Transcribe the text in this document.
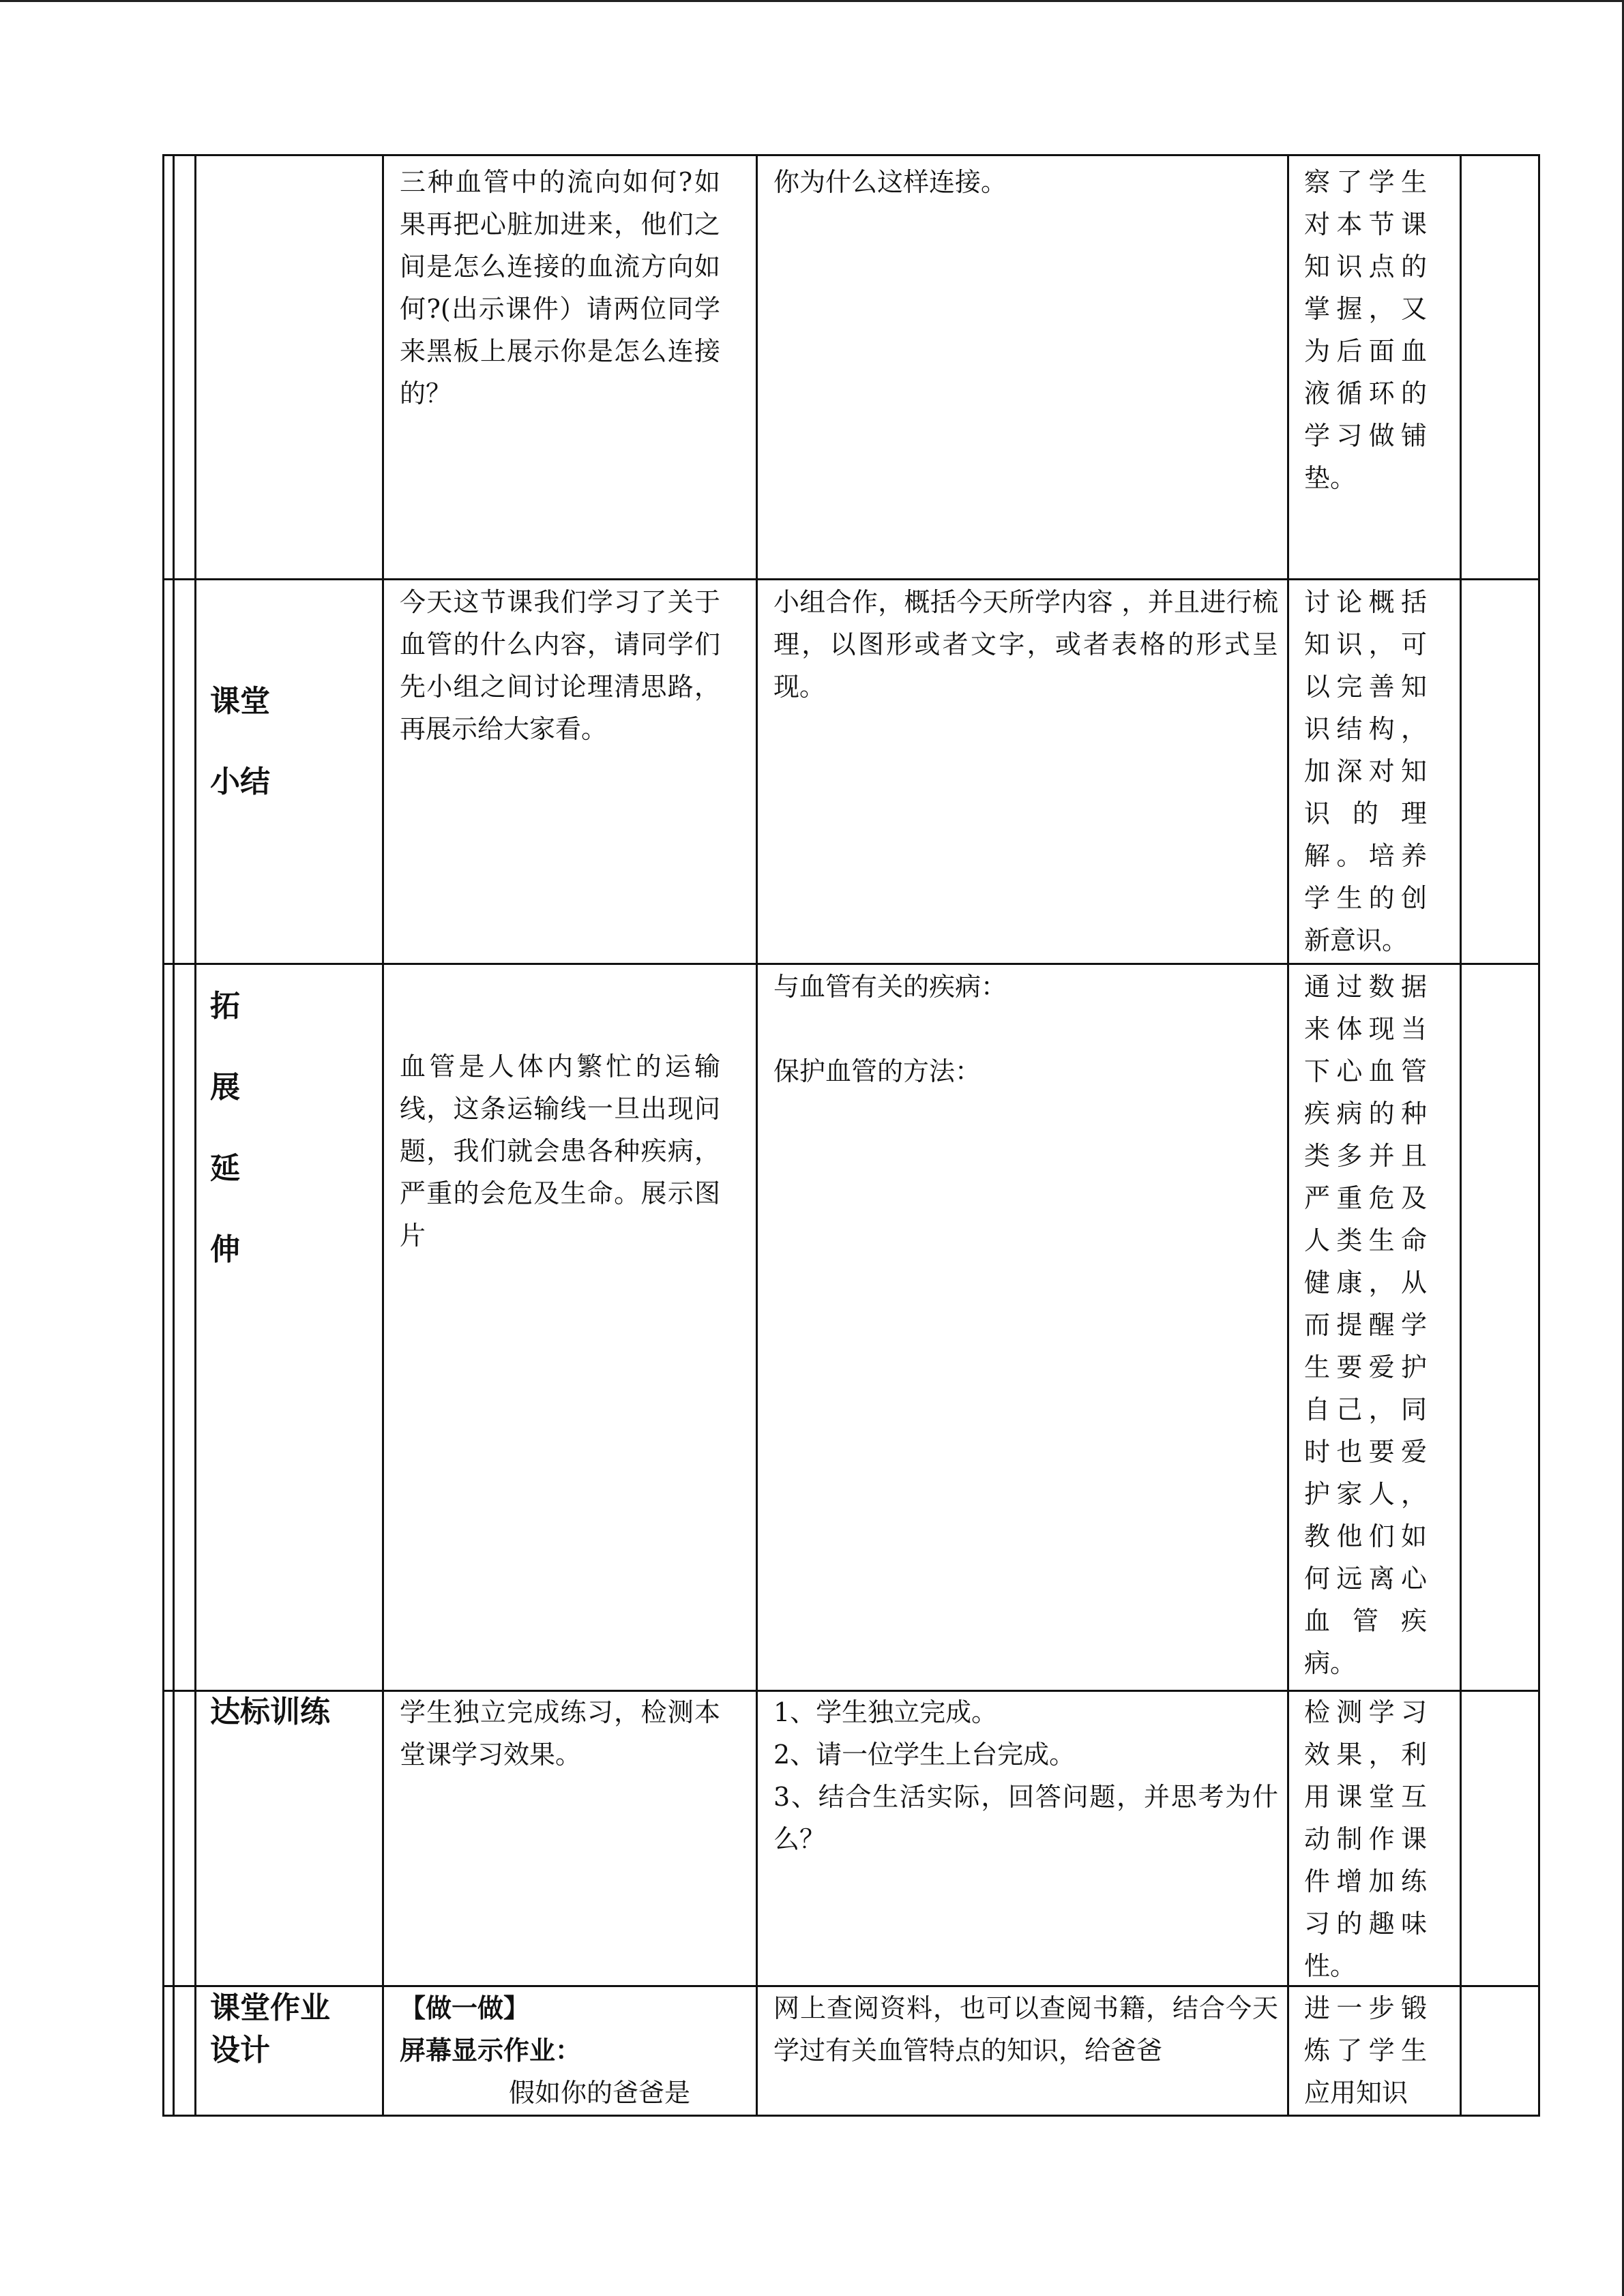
三种血管中的流向如何?如果再把心脏加进来，他们之间是怎么连接的血流方向如何?(出示课件）请两位同学来黑板上展示你是怎么连接的？

你为什么这样连接。	察了学生对本节课知识点的掌握，又为后面血液循环的学习做铺垫。

课堂

小结

今天这节课我们学习了关于血管的什么内容，请同学们先小组之间讨论理清思路，再展示给大家看。

小组合作，概括今天所学内容 ，并且进行梳理，以图形或者文字，或者表格的形式呈现。

讨论概括知识，可以完善知识结构，加深对知识的理解。培养学生的创新意识。

拓

展

延

伸

血管是人体内繁忙的运输线，这条运输线一旦出现问题，我们就会患各种疾病，严重的会危及生命。展示图片

与血管有关的疾病：

保护血管的方法：

通过数据来体现当下心血管疾病的种类多并且严重危及人类生命健康，从而提醒学生要爱护自己，同时也要爱护家人，教他们如何远离心血管疾病。

达标训练	学生独立完成练习，检测本堂课学习效果。

1、学生独立完成。

2、请一位学生上台完成。

3、结合生活实际，回答问题，并思考为什么？

检测学习效果，利用课堂互动制作课件增加练习的趣味性。

课堂作业

设计

【做一做】

屏幕显示作业：

假如你的爸爸是

网上查阅资料，也可以查阅书籍，结合今天学过有关血管特点的知识，给爸爸

进一步锻炼了学生应用知识
